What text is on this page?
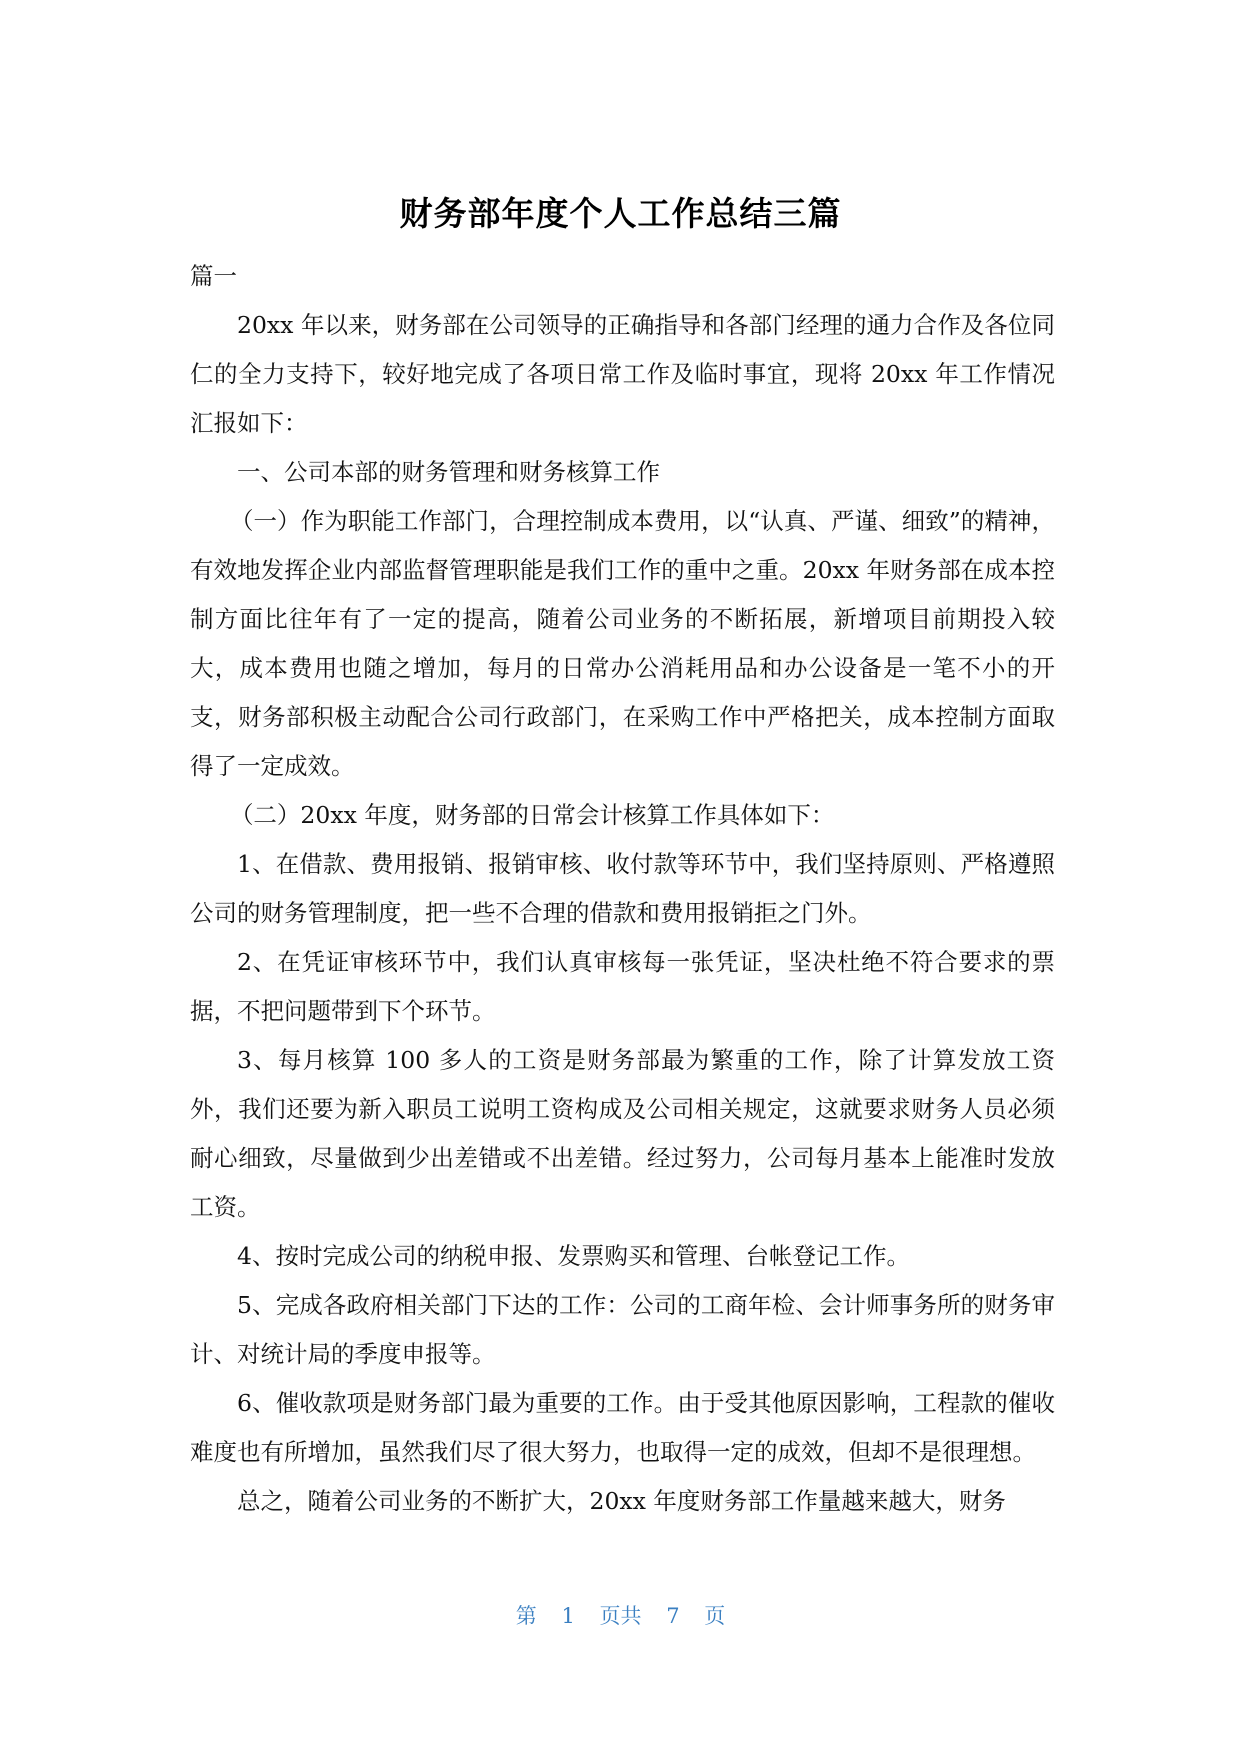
财务部年度个人工作总结三篇

篇一

20xx 年以来，财务部在公司领导的正确指导和各部门经理的通力合作及各位同仁的全力支持下，较好地完成了各项日常工作及临时事宜，现将 20xx 年工作情况汇报如下：

一、公司本部的财务管理和财务核算工作

（一）作为职能工作部门，合理控制成本费用，以“认真、严谨、细致”的精神，有效地发挥企业内部监督管理职能是我们工作的重中之重。20xx 年财务部在成本控制方面比往年有了一定的提高，随着公司业务的不断拓展，新增项目前期投入较大，成本费用也随之增加，每月的日常办公消耗用品和办公设备是一笔不小的开支，财务部积极主动配合公司行政部门，在采购工作中严格把关，成本控制方面取得了一定成效。

（二）20xx 年度，财务部的日常会计核算工作具体如下：

1、在借款、费用报销、报销审核、收付款等环节中，我们坚持原则、严格遵照公司的财务管理制度，把一些不合理的借款和费用报销拒之门外。

2、在凭证审核环节中，我们认真审核每一张凭证，坚决杜绝不符合要求的票据，不把问题带到下个环节。

3、每月核算 100 多人的工资是财务部最为繁重的工作，除了计算发放工资外，我们还要为新入职员工说明工资构成及公司相关规定，这就要求财务人员必须耐心细致，尽量做到少出差错或不出差错。经过努力，公司每月基本上能准时发放工资。

4、按时完成公司的纳税申报、发票购买和管理、台帐登记工作。

5、完成各政府相关部门下达的工作：公司的工商年检、会计师事务所的财务审计、对统计局的季度申报等。

6、催收款项是财务部门最为重要的工作。由于受其他原因影响，工程款的催收难度也有所增加，虽然我们尽了很大努力，也取得一定的成效，但却不是很理想。

总之，随着公司业务的不断扩大，20xx 年度财务部工作量越来越大，财务

第 1 页共 7 页
